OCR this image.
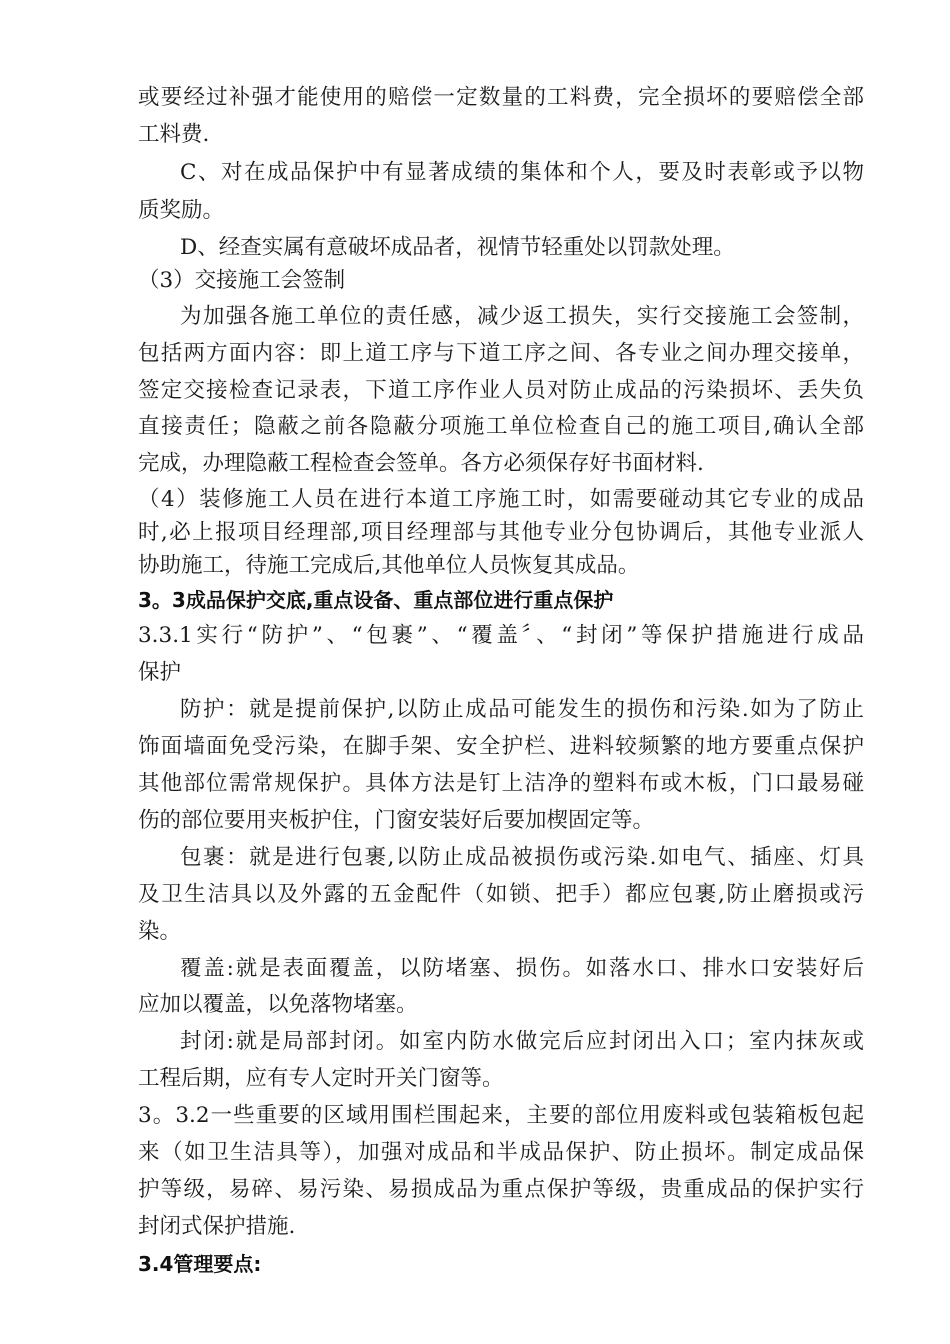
或要经过补强才能使用的赔偿一定数量的工料费，完全损坏的要赔偿全部
工料费.
C、对在成品保护中有显著成绩的集体和个人，要及时表彰或予以物
质奖励。
D、经查实属有意破坏成品者，视情节轻重处以罚款处理。
（3）交接施工会签制
为加强各施工单位的责任感，减少返工损失，实行交接施工会签制，
包括两方面内容：即上道工序与下道工序之间、各专业之间办理交接单，
签定交接检查记录表，下道工序作业人员对防止成品的污染损坏、丢失负
直接责任；隐蔽之前各隐蔽分项施工单位检查自己的施工项目,确认全部
完成，办理隐蔽工程检查会签单。各方必须保存好书面材料.
（4）装修施工人员在进行本道工序施工时，如需要碰动其它专业的成品
时,必上报项目经理部,项目经理部与其他专业分包协调后，其他专业派人
协助施工，待施工完成后,其他单位人员恢复其成品。
3。3成品保护交底,重点设备、重点部位进行重点保护
3.3.1实行“防护”、“包裹”、“覆盖〞、“封闭”等保护措施进行成品
保护
防护：就是提前保护,以防止成品可能发生的损伤和污染.如为了防止
饰面墙面免受污染，在脚手架、安全护栏、进料较频繁的地方要重点保护
其他部位需常规保护。具体方法是钉上洁净的塑料布或木板，门口最易碰
伤的部位要用夹板护住，门窗安装好后要加楔固定等。
包裹：就是进行包裹,以防止成品被损伤或污染.如电气、插座、灯具
及卫生洁具以及外露的五金配件（如锁、把手）都应包裹,防止磨损或污
染。
覆盖:就是表面覆盖，以防堵塞、损伤。如落水口、排水口安装好后
应加以覆盖，以免落物堵塞。
封闭:就是局部封闭。如室内防水做完后应封闭出入口；室内抹灰或
工程后期，应有专人定时开关门窗等。
3。3.2一些重要的区域用围栏围起来，主要的部位用废料或包装箱板包起
来（如卫生洁具等），加强对成品和半成品保护、防止损坏。制定成品保
护等级，易碎、易污染、易损成品为重点保护等级，贵重成品的保护实行
封闭式保护措施.
3.4管理要点:
